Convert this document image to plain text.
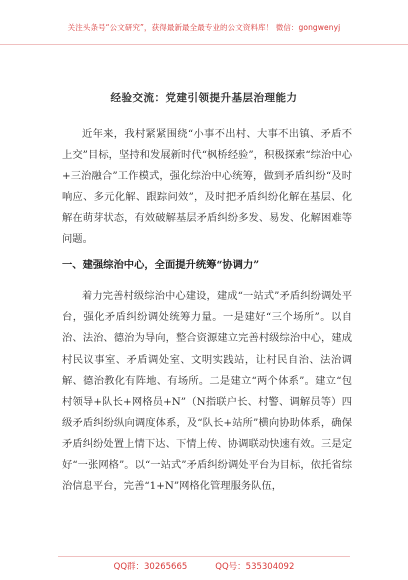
关注头条号“公文研究”，获得最新最全最专业的公文资料库！ 微信：gongwenyj
经验交流：党建引领提升基层治理能力

近年来，我村紧紧围绕“小事不出村、大事不出镇、矛盾不上交”目标，坚持和发展新时代“枫桥经验”，积极探索“综治中心+三治融合”工作模式，强化综治中心统筹，做到矛盾纠纷“及时响应、多元化解、跟踪问效”，及时把矛盾纠纷化解在基层、化解在萌芽状态，有效破解基层矛盾纠纷多发、易发、化解困难等问题。

一、建强综治中心，全面提升统筹“协调力”

着力完善村级综治中心建设，建成“一站式”矛盾纠纷调处平台，强化矛盾纠纷调处统筹力量。一是建好“三个场所”。以自治、法治、德治为导向，整合资源建立完善村级综治中心，建成村民议事室、矛盾调处室、文明实践站，让村民自治、法治调解、德治教化有阵地、有场所。二是建立“两个体系”。建立“包村领导+队长+网格员+N”（N指联户长、村警、调解员等）四级矛盾纠纷纵向调度体系，及“队长+站所”横向协助体系，确保矛盾纠纷处置上情下达、下情上传、协调联动快速有效。三是定好“一张网格”。以“一站式”矛盾纠纷调处平台为目标，依托省综治信息平台，完善“1+N”网格化管理服务队伍，

QQ群：30265665	QQ号：535304092
